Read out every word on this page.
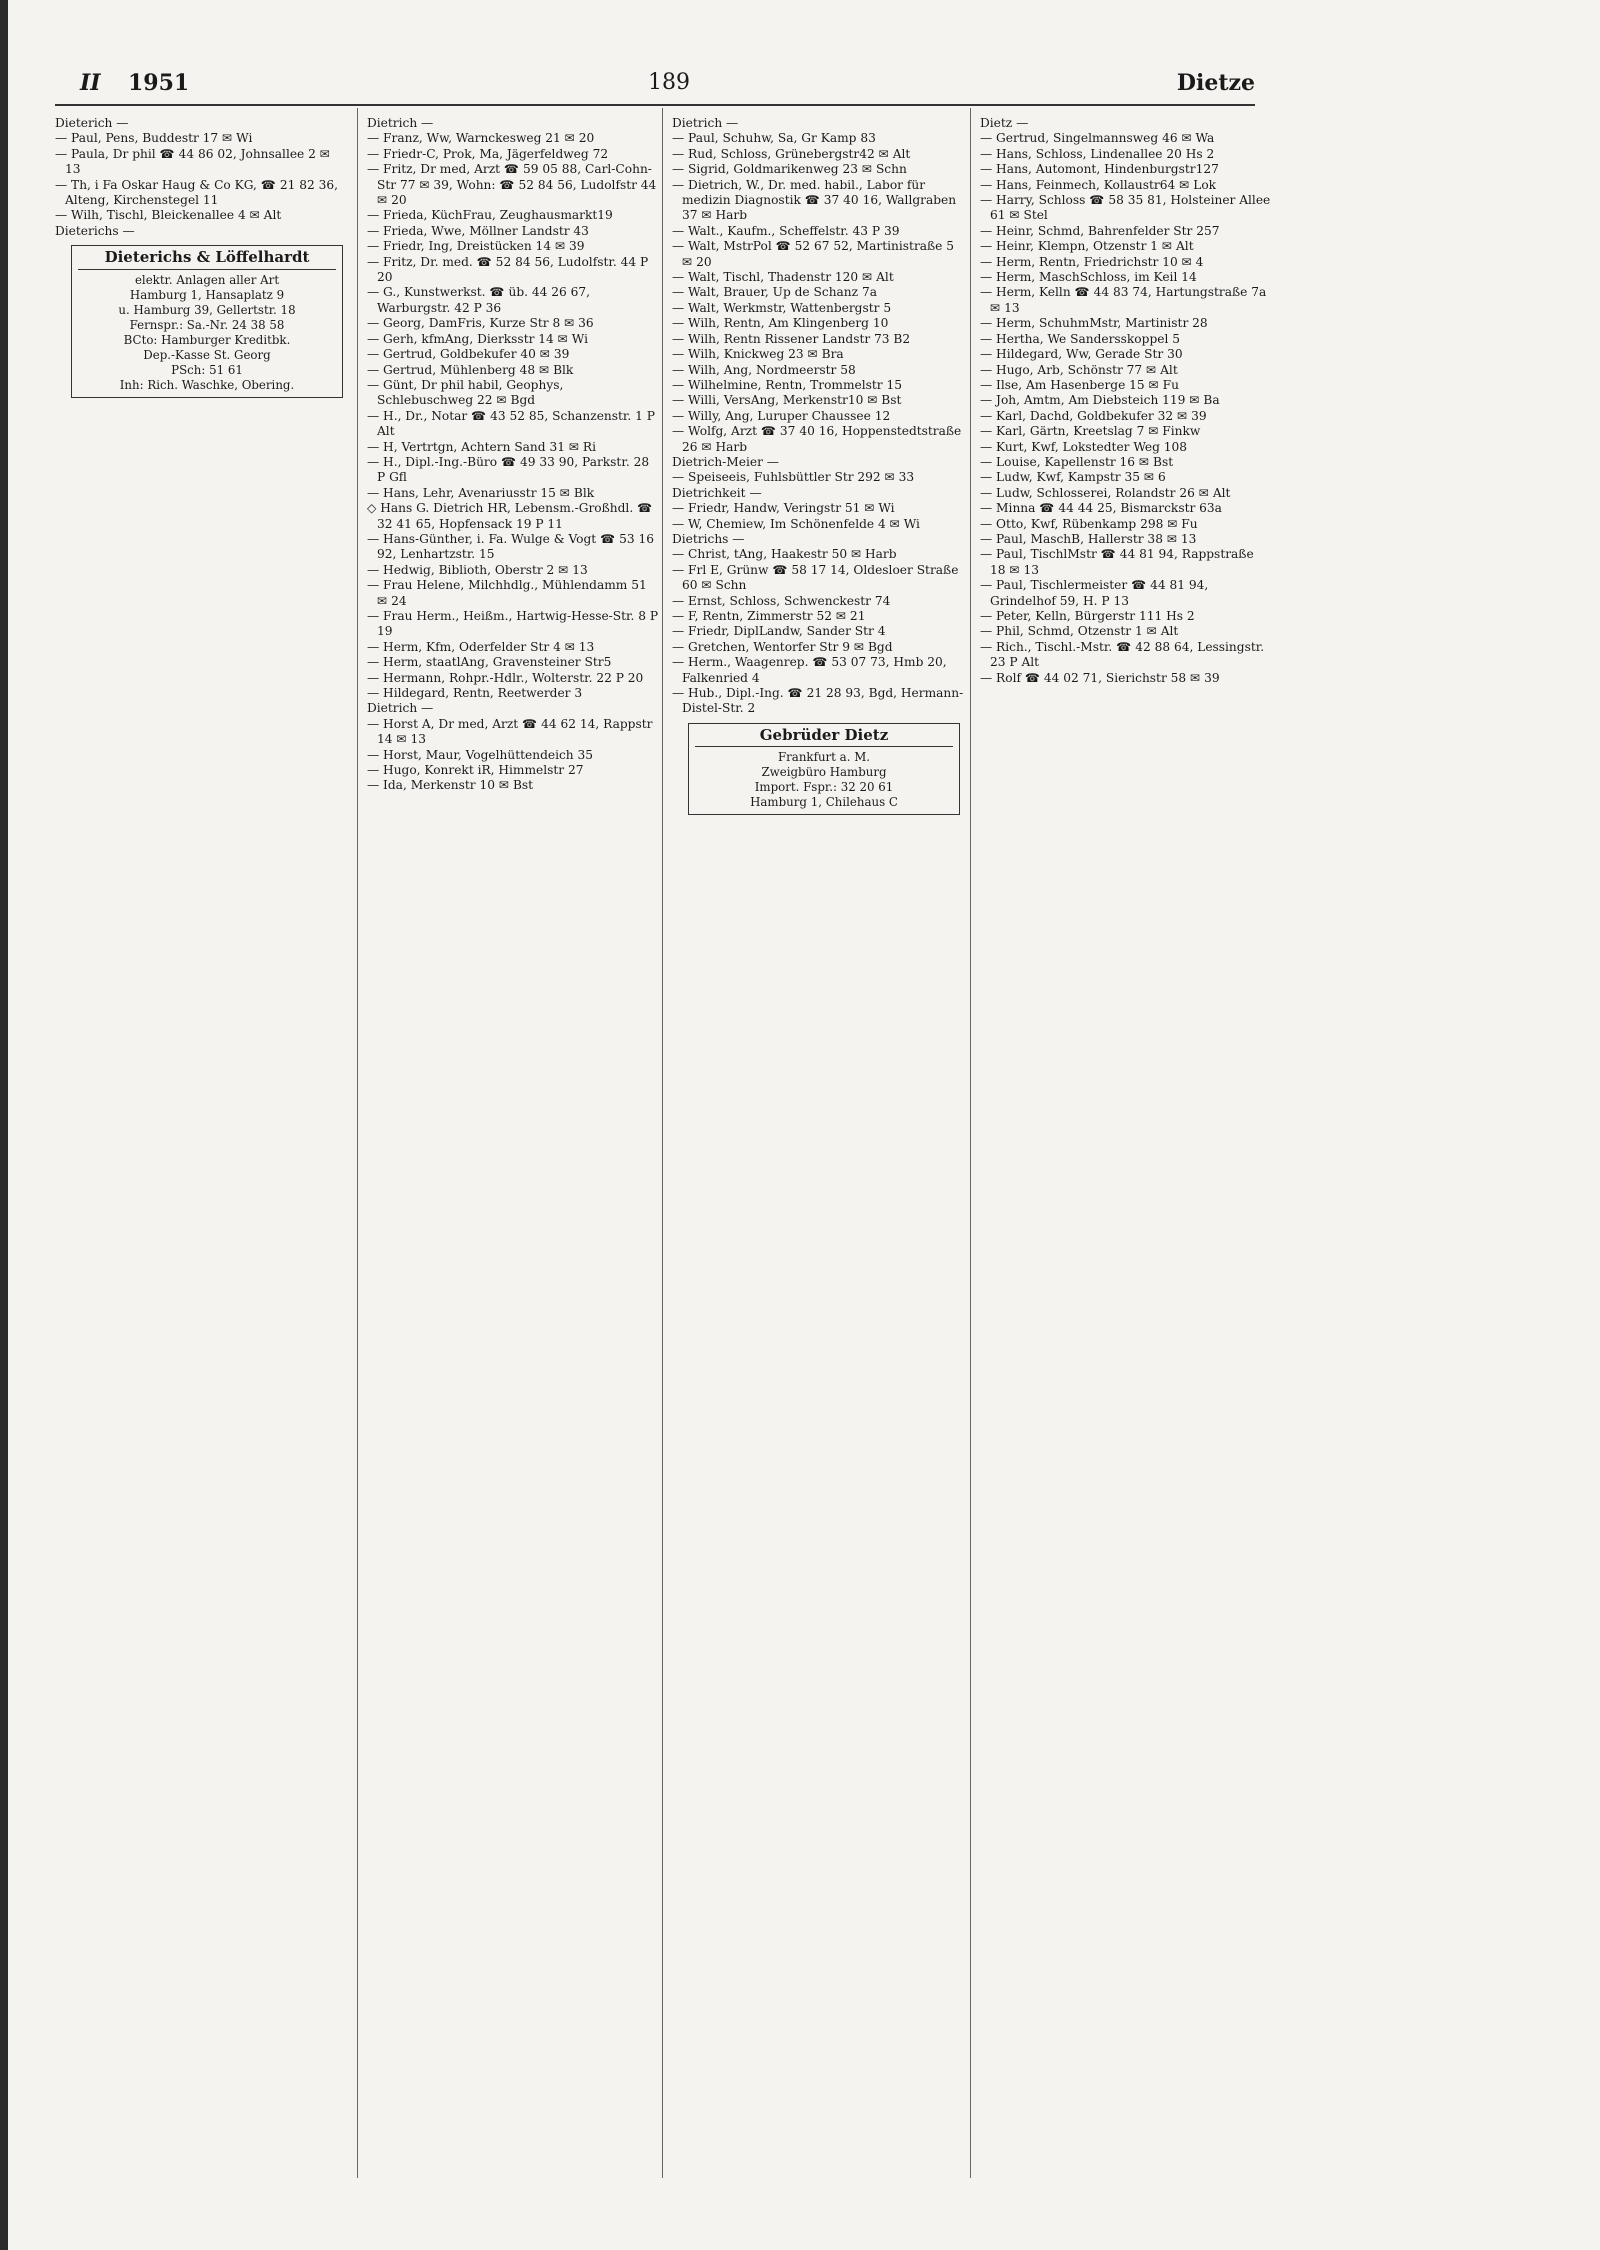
II 1951	189	Dietze

Dieterich —

— Paul, Pens, Buddestr 17 ✉ Wi

— Paula, Dr phil ☎ 44 86 02, Johnsallee 2 ✉ 13

— Th, i Fa Oskar Haug & Co KG, ☎ 21 82 36, Alteng, Kirchenstegel 11

— Wilh, Tischl, Bleickenallee 4 ✉ Alt

Dieterichs —

Dieterichs & Löffelhardt
elektr. Anlagen aller Art
Hamburg 1, Hansaplatz 9
u. Hamburg 39, Gellertstr. 18
Fernspr.: Sa.-Nr. 24 38 58
BCto: Hamburger Kreditbk.
Dep.-Kasse St. Georg
PSch: 51 61
Inh: Rich. Waschke, Obering.

Dietrich —

— Franz, Ww, Warnckesweg 21 ✉ 20

— Friedr-C, Prok, Ma, Jägerfeldweg 72

— Fritz, Dr med, Arzt ☎ 59 05 88, Carl-Cohn-Str 77 ✉ 39, Wohn: ☎ 52 84 56, Ludolfstr 44 ✉ 20

— Frieda, KüchFrau, Zeughausmarkt19

— Frieda, Wwe, Möllner Landstr 43

— Friedr, Ing, Dreistücken 14 ✉ 39

— Fritz, Dr. med. ☎ 52 84 56, Ludolfstr. 44 P 20

— G., Kunstwerkst. ☎ üb. 44 26 67, Warburgstr. 42 P 36

— Georg, DamFris, Kurze Str 8 ✉ 36

— Gerh, kfmAng, Dierksstr 14 ✉ Wi

— Gertrud, Goldbekufer 40 ✉ 39

— Gertrud, Mühlenberg 48 ✉ Blk

— Günt, Dr phil habil, Geophys, Schlebuschweg 22 ✉ Bgd

— H., Dr., Notar ☎ 43 52 85, Schanzenstr. 1 P Alt

— H, Vertrtgn, Achtern Sand 31 ✉ Ri

— H., Dipl.-Ing.-Büro ☎ 49 33 90, Parkstr. 28 P Gfl

— Hans, Lehr, Avenariusstr 15 ✉ Blk

◇ Hans G. Dietrich HR, Lebensm.-Großhdl. ☎ 32 41 65, Hopfensack 19 P 11

— Hans-Günther, i. Fa. Wulge & Vogt ☎ 53 16 92, Lenhartzstr. 15

— Hedwig, Biblioth, Oberstr 2 ✉ 13

— Frau Helene, Milchhdlg., Mühlendamm 51 ✉ 24

— Frau Herm., Heißm., Hartwig-Hesse-Str. 8 P 19

— Herm, Kfm, Oderfelder Str 4 ✉ 13

— Herm, staatlAng, Gravensteiner Str5

— Hermann, Rohpr.-Hdlr., Wolterstr. 22 P 20

— Hildegard, Rentn, Reetwerder 3

Dietrich —

— Horst A, Dr med, Arzt ☎ 44 62 14, Rappstr 14 ✉ 13

— Horst, Maur, Vogelhüttendeich 35

— Hugo, Konrekt iR, Himmelstr 27

— Ida, Merkenstr 10 ✉ Bst

Dietrich —

— Paul, Schuhw, Sa, Gr Kamp 83

— Rud, Schloss, Grünebergstr42 ✉ Alt

— Sigrid, Goldmarikenweg 23 ✉ Schn

— Dietrich, W., Dr. med. habil., Labor für medizin Diagnostik ☎ 37 40 16, Wallgraben 37 ✉ Harb

— Walt., Kaufm., Scheffelstr. 43 P 39

— Walt, MstrPol ☎ 52 67 52, Martinistraße 5 ✉ 20

— Walt, Tischl, Thadenstr 120 ✉ Alt

— Walt, Brauer, Up de Schanz 7a

— Walt, Werkmstr, Wattenbergstr 5

— Wilh, Rentn, Am Klingenberg 10

— Wilh, Rentn Rissener Landstr 73 B2

— Wilh, Knickweg 23 ✉ Bra

— Wilh, Ang, Nordmeerstr 58

— Wilhelmine, Rentn, Trommelstr 15

— Willi, VersAng, Merkenstr10 ✉ Bst

— Willy, Ang, Luruper Chaussee 12

— Wolfg, Arzt ☎ 37 40 16, Hoppenstedtstraße 26 ✉ Harb

Dietrich-Meier —

— Speiseeis, Fuhlsbüttler Str 292 ✉ 33

Dietrichkeit —

— Friedr, Handw, Veringstr 51 ✉ Wi

— W, Chemiew, Im Schönenfelde 4 ✉ Wi

Dietrichs —

— Christ, tAng, Haakestr 50 ✉ Harb

— Frl E, Grünw ☎ 58 17 14, Oldesloer Straße 60 ✉ Schn

— Ernst, Schloss, Schwenckestr 74

— F, Rentn, Zimmerstr 52 ✉ 21

— Friedr, DiplLandw, Sander Str 4

— Gretchen, Wentorfer Str 9 ✉ Bgd

— Herm., Waagenrep. ☎ 53 07 73, Hmb 20, Falkenried 4

— Hub., Dipl.-Ing. ☎ 21 28 93, Bgd, Hermann-Distel-Str. 2

Gebrüder Dietz
Frankfurt a. M.
Zweigbüro Hamburg
Import. Fspr.: 32 20 61
Hamburg 1, Chilehaus C

Dietz —

— Gertrud, Singelmannsweg 46 ✉ Wa

— Hans, Schloss, Lindenallee 20 Hs 2

— Hans, Automont, Hindenburgstr127

— Hans, Feinmech, Kollaustr64 ✉ Lok

— Harry, Schloss ☎ 58 35 81, Holsteiner Allee 61 ✉ Stel

— Heinr, Schmd, Bahrenfelder Str 257

— Heinr, Klempn, Otzenstr 1 ✉ Alt

— Herm, Rentn, Friedrichstr 10 ✉ 4

— Herm, MaschSchloss, im Keil 14

— Herm, Kelln ☎ 44 83 74, Hartungstraße 7a ✉ 13

— Herm, SchuhmMstr, Martinistr 28

— Hertha, We Sandersskoppel 5

— Hildegard, Ww, Gerade Str 30

— Hugo, Arb, Schönstr 77 ✉ Alt

— Ilse, Am Hasenberge 15 ✉ Fu

— Joh, Amtm, Am Diebsteich 119 ✉ Ba

— Karl, Dachd, Goldbekufer 32 ✉ 39

— Karl, Gärtn, Kreetslag 7 ✉ Finkw

— Kurt, Kwf, Lokstedter Weg 108

— Louise, Kapellenstr 16 ✉ Bst

— Ludw, Kwf, Kampstr 35 ✉ 6

— Ludw, Schlosserei, Rolandstr 26 ✉ Alt

— Minna ☎ 44 44 25, Bismarckstr 63a

— Otto, Kwf, Rübenkamp 298 ✉ Fu

— Paul, MaschB, Hallerstr 38 ✉ 13

— Paul, TischlMstr ☎ 44 81 94, Rappstraße 18 ✉ 13

— Paul, Tischlermeister ☎ 44 81 94, Grindelhof 59, H. P 13

— Peter, Kelln, Bürgerstr 111 Hs 2

— Phil, Schmd, Otzenstr 1 ✉ Alt

— Rich., Tischl.-Mstr. ☎ 42 88 64, Lessingstr. 23 P Alt

— Rolf ☎ 44 02 71, Sierichstr 58 ✉ 39
